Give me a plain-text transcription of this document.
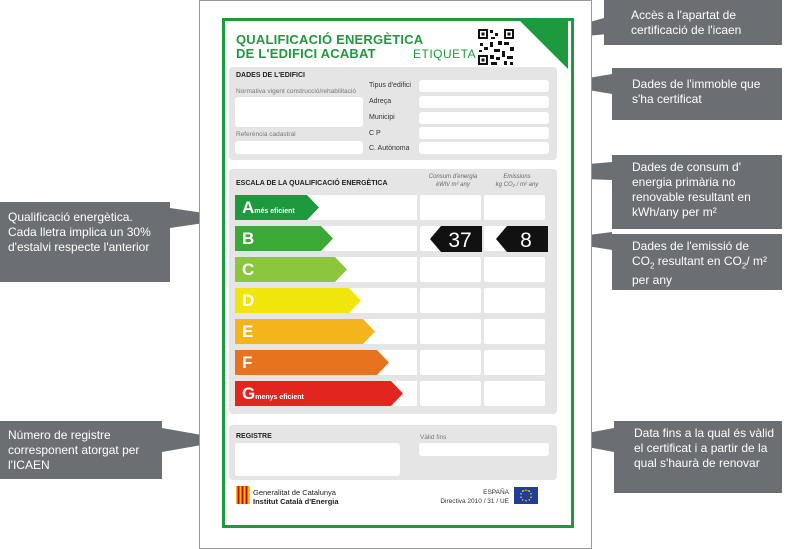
QUALIFICACIÓ ENERGÈTICA
DE L'EDIFICI ACABAT	ETIQUETA
DADES DE L'EDIFICI
Normativa vigent construcció/rehabilitació
Referència cadastral
Tipus d'edifici
Adreça
Municipi
C P
C. Autònoma
ESCALA DE LA QUALIFICACIÓ ENERGÈTICA
Consum d'energia
kWh/ m² any
Emissions
kg CO₂ / m² any
Amés eficient
B
C
D
E
F
Gmenys eficient
37 8
REGISTRE	Vàlid fins
Generalitat de Catalunya
Institut Català d'Energia
ESPAÑA
Directiva 2010 / 31 / UE
Accès a l'apartat de certificació de l'icaen
Dades de l'immoble que s'ha certificat
Dades de consum d' energia primària no renovable resultant en kWh/any per m²
Dades de l'emissió de
$CO_2$ resultant en $CO_2/$ m²
per any
Data fins a la qual és vàlid el certificat i a partir de la qual s'haurà de renovar
Qualificació energètica. Cada lletra implica un 30% d'estalvi respecte l'anterior
Número de registre corresponent atorgat per l'ICAEN
